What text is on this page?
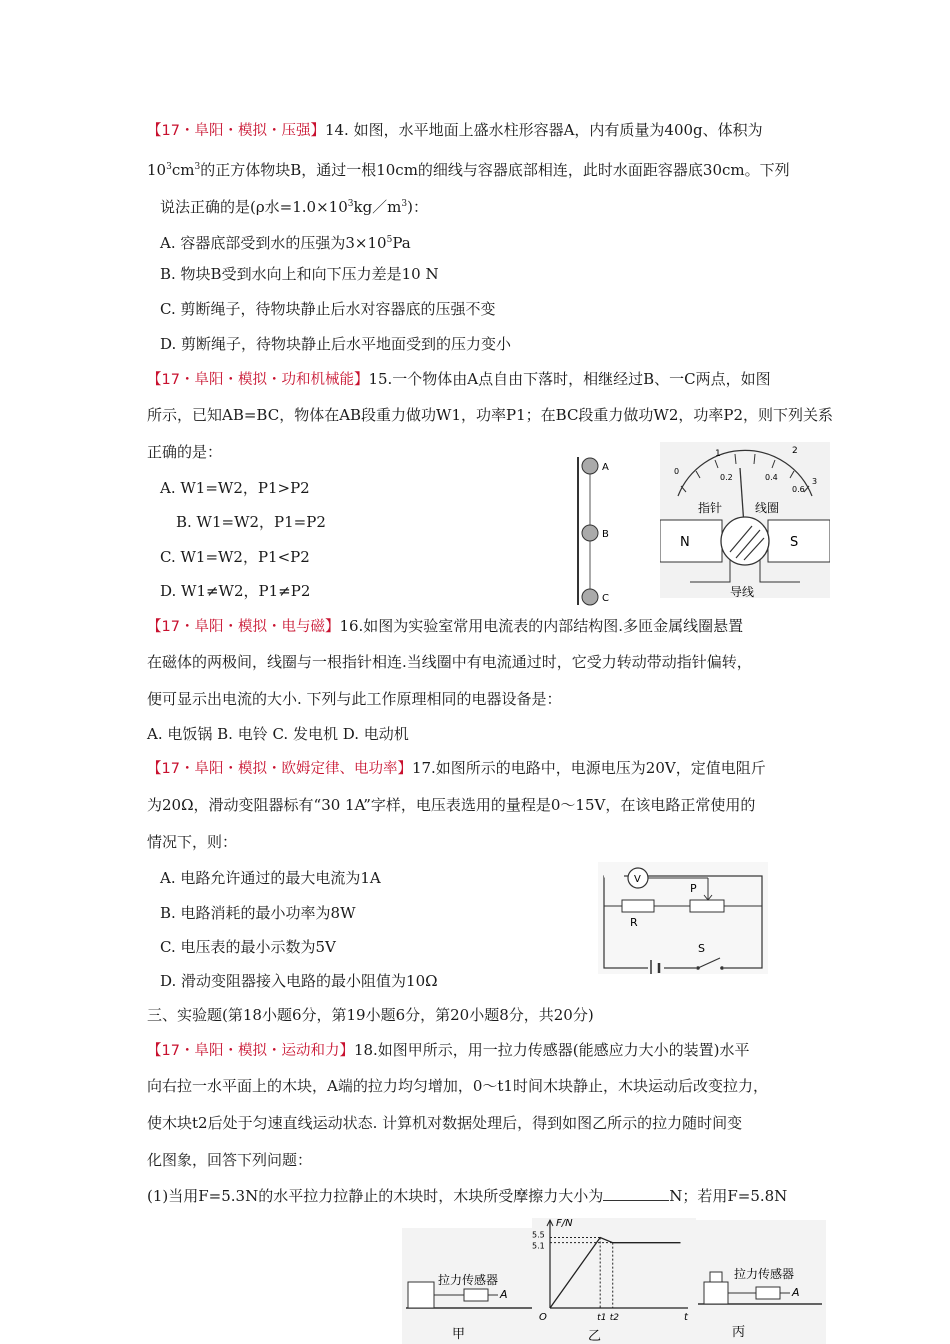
【17・阜阳・模拟・压强】14. 如图，水平地面上盛水柱形容器A，内有质量为400g、体积为
$10^3cm^3$的正方体物块B，通过一根10cm的细线与容器底部相连，此时水面距容器底30cm。下列
说法正确的是(ρ水$=1.0\times 10^3kg/m^3$)：
A. 容器底部受到水的压强为$3\times 10^5Pa$
B. 物块B受到水向上和向下压力差是10 N
C. 剪断绳子，待物块静止后水对容器底的压强不变
D. 剪断绳子，待物块静止后水平地面受到的压力变小
【17・阜阳・模拟・功和机械能】15.一个物体由A点自由下落时，相继经过B、一C两点，如图
所示，已知AB=BC，物体在AB段重力做功W1，功率P1；在BC段重力做功W2，功率P2，则下列关系
正确的是：
A. W1=W2，P1>P2
B. W1=W2，P1=P2
C. W1=W2，P1<P2
D. W1≠W2，P1≠P2
A
B
C
1	2
0
0.2	0.4
0.6
3
指针	线圈
N	S
导线
【17・阜阳・模拟・电与磁】16.如图为实验室常用电流表的内部结构图.多匝金属线圈悬置
在磁体的两极间，线圈与一根指针相连.当线圈中有电流通过时，它受力转动带动指针偏转，
便可显示出电流的大小. 下列与此工作原理相同的电器设备是：
A. 电饭锅 B. 电铃 C. 发电机 D. 电动机
【17・阜阳・模拟・欧姆定律、电功率】17.如图所示的电路中，电源电压为20V，定值电阻斤
为20Ω，滑动变阻器标有“30 1A”字样，电压表选用的量程是0～15V，在该电路正常使用的
情况下，则：
A. 电路允许通过的最大电流为1A
B. 电路消耗的最小功率为8W
C. 电压表的最小示数为5V
D. 滑动变阻器接入电路的最小阻值为10Ω
V
P
R
S
三、实验题(第18小题6分，第19小题6分，第20小题8分，共20分)
【17・阜阳・模拟・运动和力】18.如图甲所示，用一拉力传感器(能感应力大小的装置)水平
向右拉一水平面上的木块，A端的拉力均匀增加，0～t1时间木块静止，木块运动后改变拉力，
使木块t2后处于匀速直线运动状态. 计算机对数据处理后，得到如图乙所示的拉力随时间变
化图象，回答下列问题：
(1)当用F=5.3N的水平拉力拉静止的木块时，木块所受摩擦力大小为	N；若用F=5.8N
拉力传感器
A
甲
F/N
t
O
5.5
5.1
t1 t2
乙
拉力传感器
A
丙
